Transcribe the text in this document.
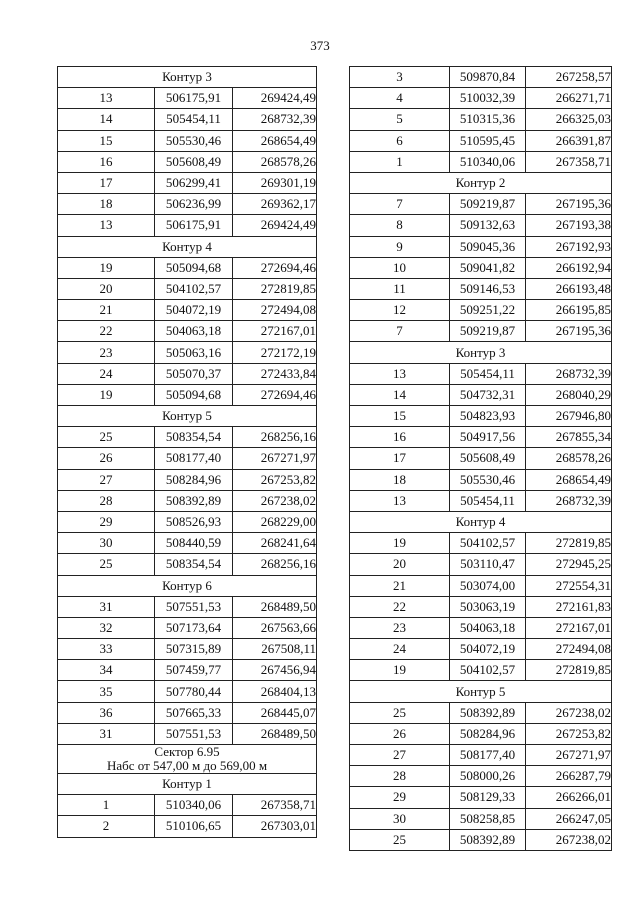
373
Контур 3		
13	506175,91	269424,49
14	505454,11	268732,39
15	505530,46	268654,49
16	505608,49	268578,26
17	506299,41	269301,19
18	506236,99	269362,17
13	506175,91	269424,49
Контур 4		
19	505094,68	272694,46
20	504102,57	272819,85
21	504072,19	272494,08
22	504063,18	272167,01
23	505063,16	272172,19
24	505070,37	272433,84
19	505094,68	272694,46
Контур 5		
25	508354,54	268256,16
26	508177,40	267271,97
27	508284,96	267253,82
28	508392,89	267238,02
29	508526,93	268229,00
30	508440,59	268241,64
25	508354,54	268256,16
Контур 6		
31	507551,53	268489,50
32	507173,64	267563,66
33	507315,89	267508,11
34	507459,77	267456,94
35	507780,44	268404,13
36	507665,33	268445,07
31	507551,53	268489,50

Сектор 6.95
Набс от 547,00 м до 569,00 м		

Контур 1		
1	510340,06	267358,71
2	510106,65	267303,01
3	509870,84	267258,57
4	510032,39	266271,71
5	510315,36	266325,03
6	510595,45	266391,87
1	510340,06	267358,71
Контур 2		
7	509219,87	267195,36
8	509132,63	267193,38
9	509045,36	267192,93
10	509041,82	266192,94
11	509146,53	266193,48
12	509251,22	266195,85
7	509219,87	267195,36
Контур 3		
13	505454,11	268732,39
14	504732,31	268040,29
15	504823,93	267946,80
16	504917,56	267855,34
17	505608,49	268578,26
18	505530,46	268654,49
13	505454,11	268732,39
Контур 4		
19	504102,57	272819,85
20	503110,47	272945,25
21	503074,00	272554,31
22	503063,19	272161,83
23	504063,18	272167,01
24	504072,19	272494,08
19	504102,57	272819,85
Контур 5		
25	508392,89	267238,02
26	508284,96	267253,82
27	508177,40	267271,97
28	508000,26	266287,79
29	508129,33	266266,01
30	508258,85	266247,05
25	508392,89	267238,02
